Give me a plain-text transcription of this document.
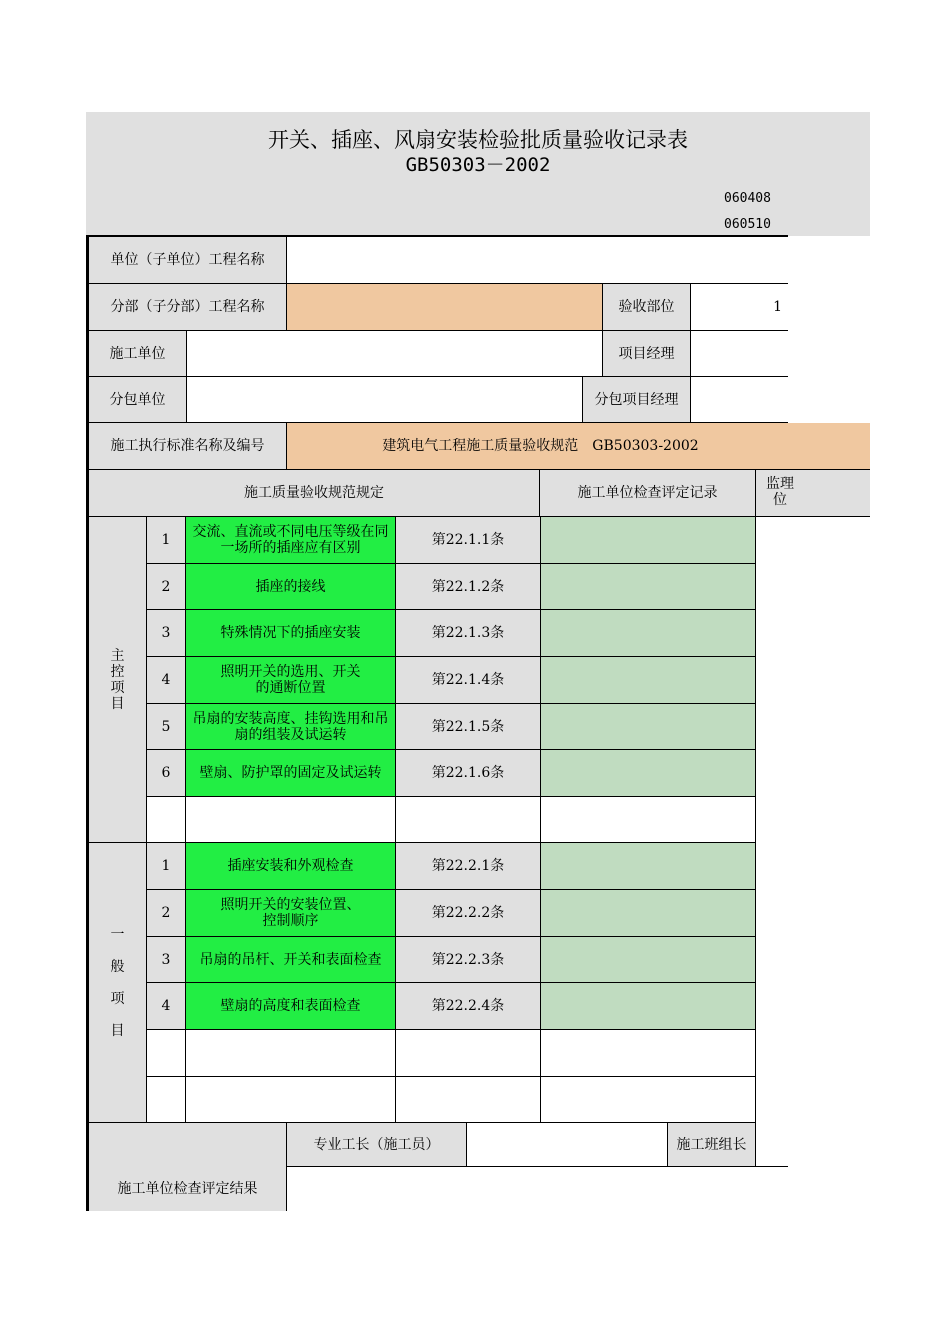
开关、插座、风扇安装检验批质量验收记录表
GB50303－2002
060408
060510
单位（子单位）工程名称
分部（子分部）工程名称	验收部位	1
施工单位	项目经理
分包单位	分包项目经理
施工执行标准名称及编号	建筑电气工程施工质量验收规范　GB50303-2002
施工质量验收规范规定	施工单位检查评定记录
监理
位
主
控
项
目
1	交流、直流或不同电压等级在同一场所的插座应有区别	第22.1.1条
2	插座的接线	第22.1.2条
3	特殊情况下的插座安装	第22.1.3条
4	照明开关的选用、开关的通断位置	第22.1.4条
5	吊扇的安装高度、挂钩选用和吊扇的组装及试运转	第22.1.5条
6	壁扇、防护罩的固定及试运转	第22.1.6条
一
般
项
目
1	插座安装和外观检查	第22.2.1条
2	照明开关的安装位置、控制顺序	第22.2.2条
3	吊扇的吊杆、开关和表面检查	第22.2.3条
4	壁扇的高度和表面检查	第22.2.4条
专业工长（施工员）	施工班组长
施工单位检查评定结果
